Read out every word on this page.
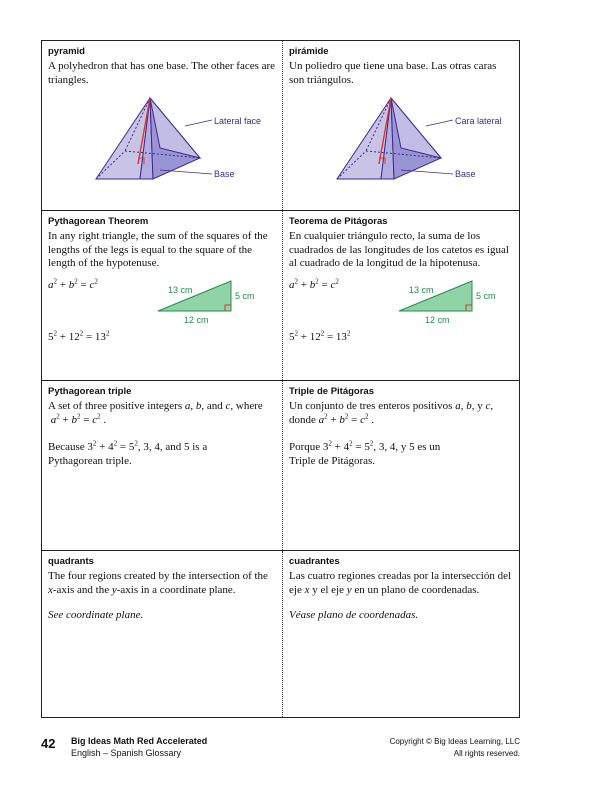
pyramid

A polyhedron that has one base. The other faces are triangles.

Lateral face
Base

pirámide

Un poliedro que tiene una base. Las otras caras son triángulos.

Cara lateral
Base

Pythagorean Theorem

In any right triangle, the sum of the squares of the lengths of the legs is equal to the square of the length of the hypotenuse.

$a^2 + b^2 = c^2$
$5^2 + 12^2 = 13^2$
13 cm
5 cm
12 cm

Teorema de Pitágoras

En cualquier triángulo recto, la suma de los cuadrados de las longitudes de los catetos es igual al cuadrado de la longitud de la hipotenusa.

$a^2 + b^2 = c^2$
$5^2 + 12^2 = 13^2$
13 cm
5 cm
12 cm

Pythagorean triple

A set of three positive integers a, b, and c, where
$a^2 + b^2 = c^2$ .

Because $3^2 + 4^2 = 5^2$, 3, 4, and 5 is a
Pythagorean triple.

Triple de Pitágoras

Un conjunto de tres enteros positivos a, b, y c,
donde $a^2 + b^2 = c^2$ .

Porque $3^2 + 4^2 = 5^2$, 3, 4, y 5 es un
Triple de Pitágoras.

quadrants

The four regions created by the intersection of the x-axis and the y-axis in a coordinate plane.

See coordinate plane.

cuadrantes

Las cuatro regiones creadas por la intersección del eje x y el eje y en un plano de coordenadas.

Véase plano de coordenadas.

42 Big Ideas Math Red Accelerated
English – Spanish Glossary
Copyright © Big Ideas Learning, LLC
All rights reserved.
